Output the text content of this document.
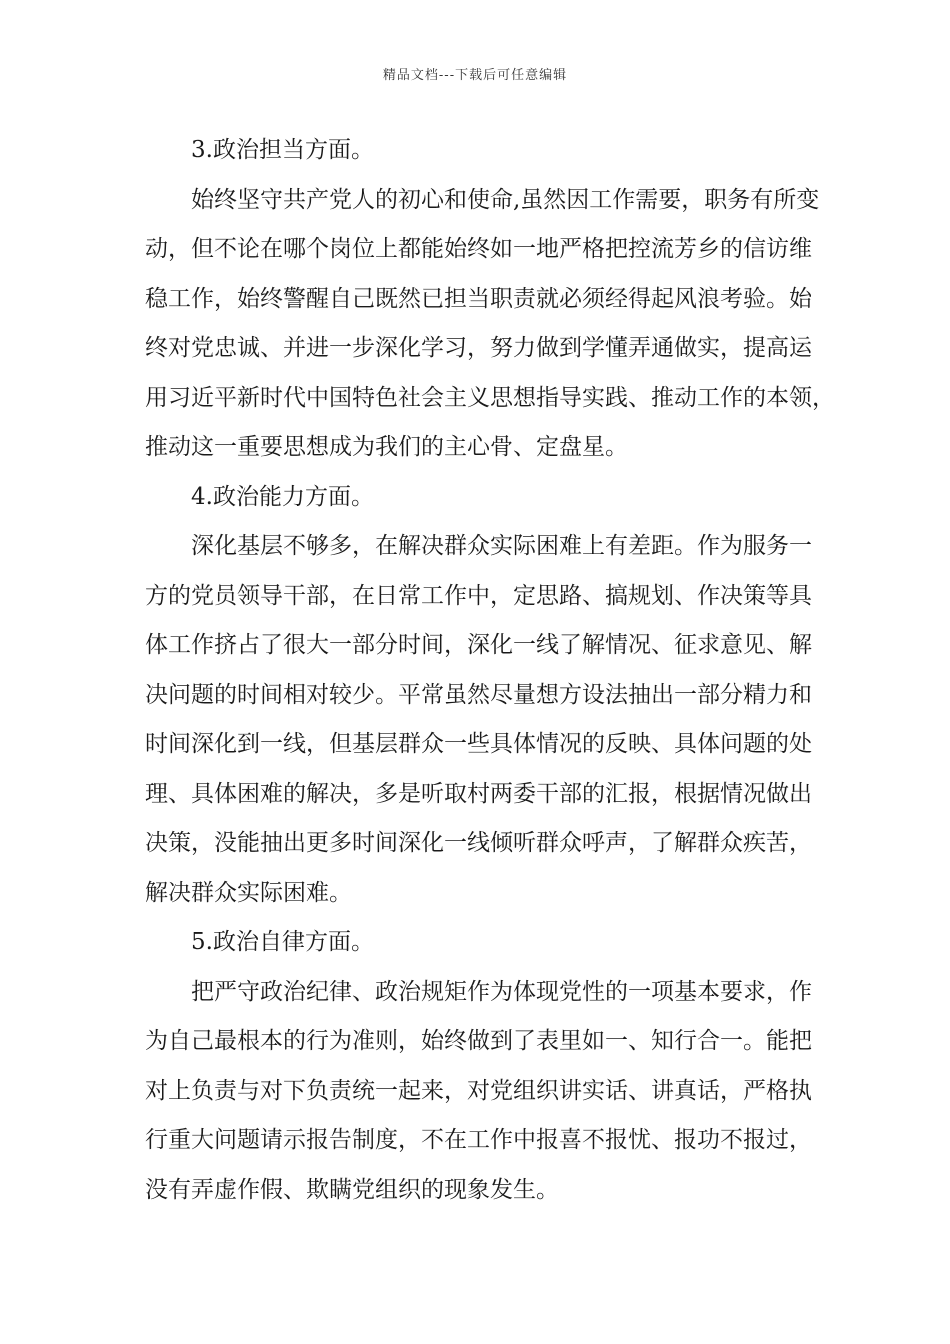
精品文档---下载后可任意编辑

3.政治担当方面。

始终坚守共产党人的初心和使命,虽然因工作需要，职务有所变
动，但不论在哪个岗位上都能始终如一地严格把控流芳乡的信访维
稳工作，始终警醒自己既然已担当职责就必须经得起风浪考验。始
终对党忠诚、并进一步深化学习，努力做到学懂弄通做实，提高运
用习近平新时代中国特色社会主义思想指导实践、推动工作的本领，
推动这一重要思想成为我们的主心骨、定盘星。

4.政治能力方面。

深化基层不够多，在解决群众实际困难上有差距。作为服务一
方的党员领导干部，在日常工作中，定思路、搞规划、作决策等具
体工作挤占了很大一部分时间，深化一线了解情况、征求意见、解
决问题的时间相对较少。平常虽然尽量想方设法抽出一部分精力和
时间深化到一线，但基层群众一些具体情况的反映、具体问题的处
理、具体困难的解决，多是听取村两委干部的汇报，根据情况做出
决策，没能抽出更多时间深化一线倾听群众呼声，了解群众疾苦，
解决群众实际困难。

5.政治自律方面。

把严守政治纪律、政治规矩作为体现党性的一项基本要求，作
为自己最根本的行为准则，始终做到了表里如一、知行合一。能把
对上负责与对下负责统一起来，对党组织讲实话、讲真话，严格执
行重大问题请示报告制度，不在工作中报喜不报忧、报功不报过，
没有弄虚作假、欺瞒党组织的现象发生。
